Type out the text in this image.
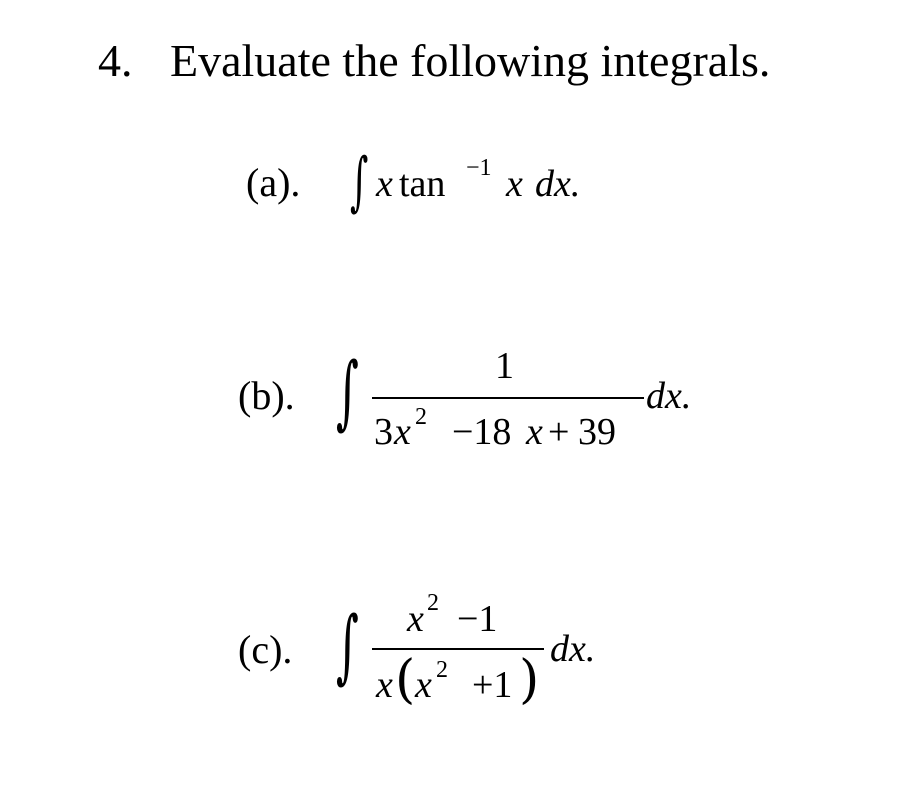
4. Evaluate the following integrals.
(a). ∫ x tan −1 x dx.
(b). ∫	1
3 x 2 −18 x + 39
dx.
(c). ∫ x 2 −1
x ( x 2 +1 )
dx.
